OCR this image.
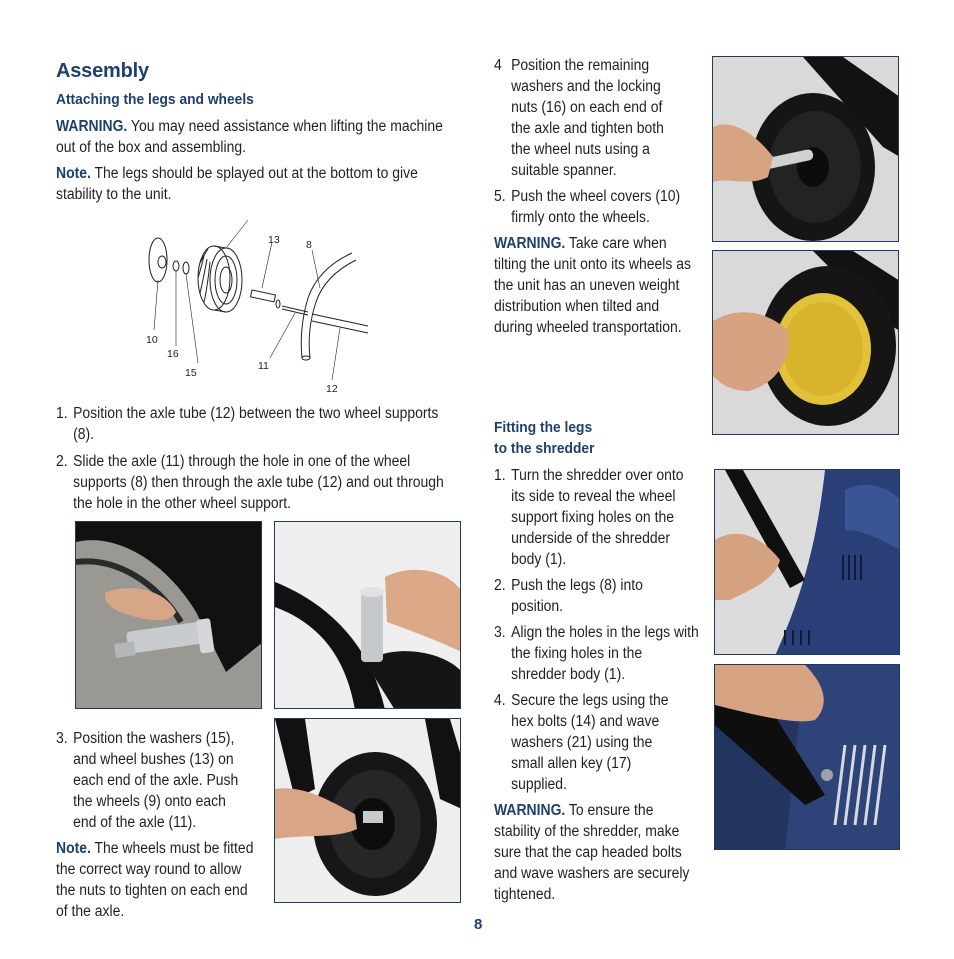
Assembly
Attaching the legs and wheels
WARNING. You may need assistance when lifting the machine out of the box and assembling.
Note. The legs should be splayed out at the bottom to give stability to the unit.
13	8
10
16
15
11
12
1. Position the axle tube (12) between the two wheel supports (8).
2. Slide the axle (11) through the hole in one of the wheel supports (8) then through the axle tube (12) and out through the hole in the other wheel support.
3. Position the washers (15), and wheel bushes (13) on each end of the axle. Push the wheels (9) onto each end of the axle (11).
Note. The wheels must be fitted the correct way round to allow the nuts to tighten on each end of the axle.
4 Position the remaining washers and the locking nuts (16) on each end of the axle and tighten both the wheel nuts using a suitable spanner.
5. Push the wheel covers (10) firmly onto the wheels.
WARNING. Take care when tilting the unit onto its wheels as the unit has an uneven weight distribution when tilted and during wheeled transportation.
Fitting the legs
to the shredder
1. Turn the shredder over onto its side to reveal the wheel support fixing holes on the underside of the shredder body (1).
2. Push the legs (8) into position.
3. Align the holes in the legs with the fixing holes in the shredder body (1).
4. Secure the legs using the hex bolts (14) and wave washers (21) using the small allen key (17) supplied.
WARNING. To ensure the stability of the shredder, make sure that the cap headed bolts and wave washers are securely tightened.
8
